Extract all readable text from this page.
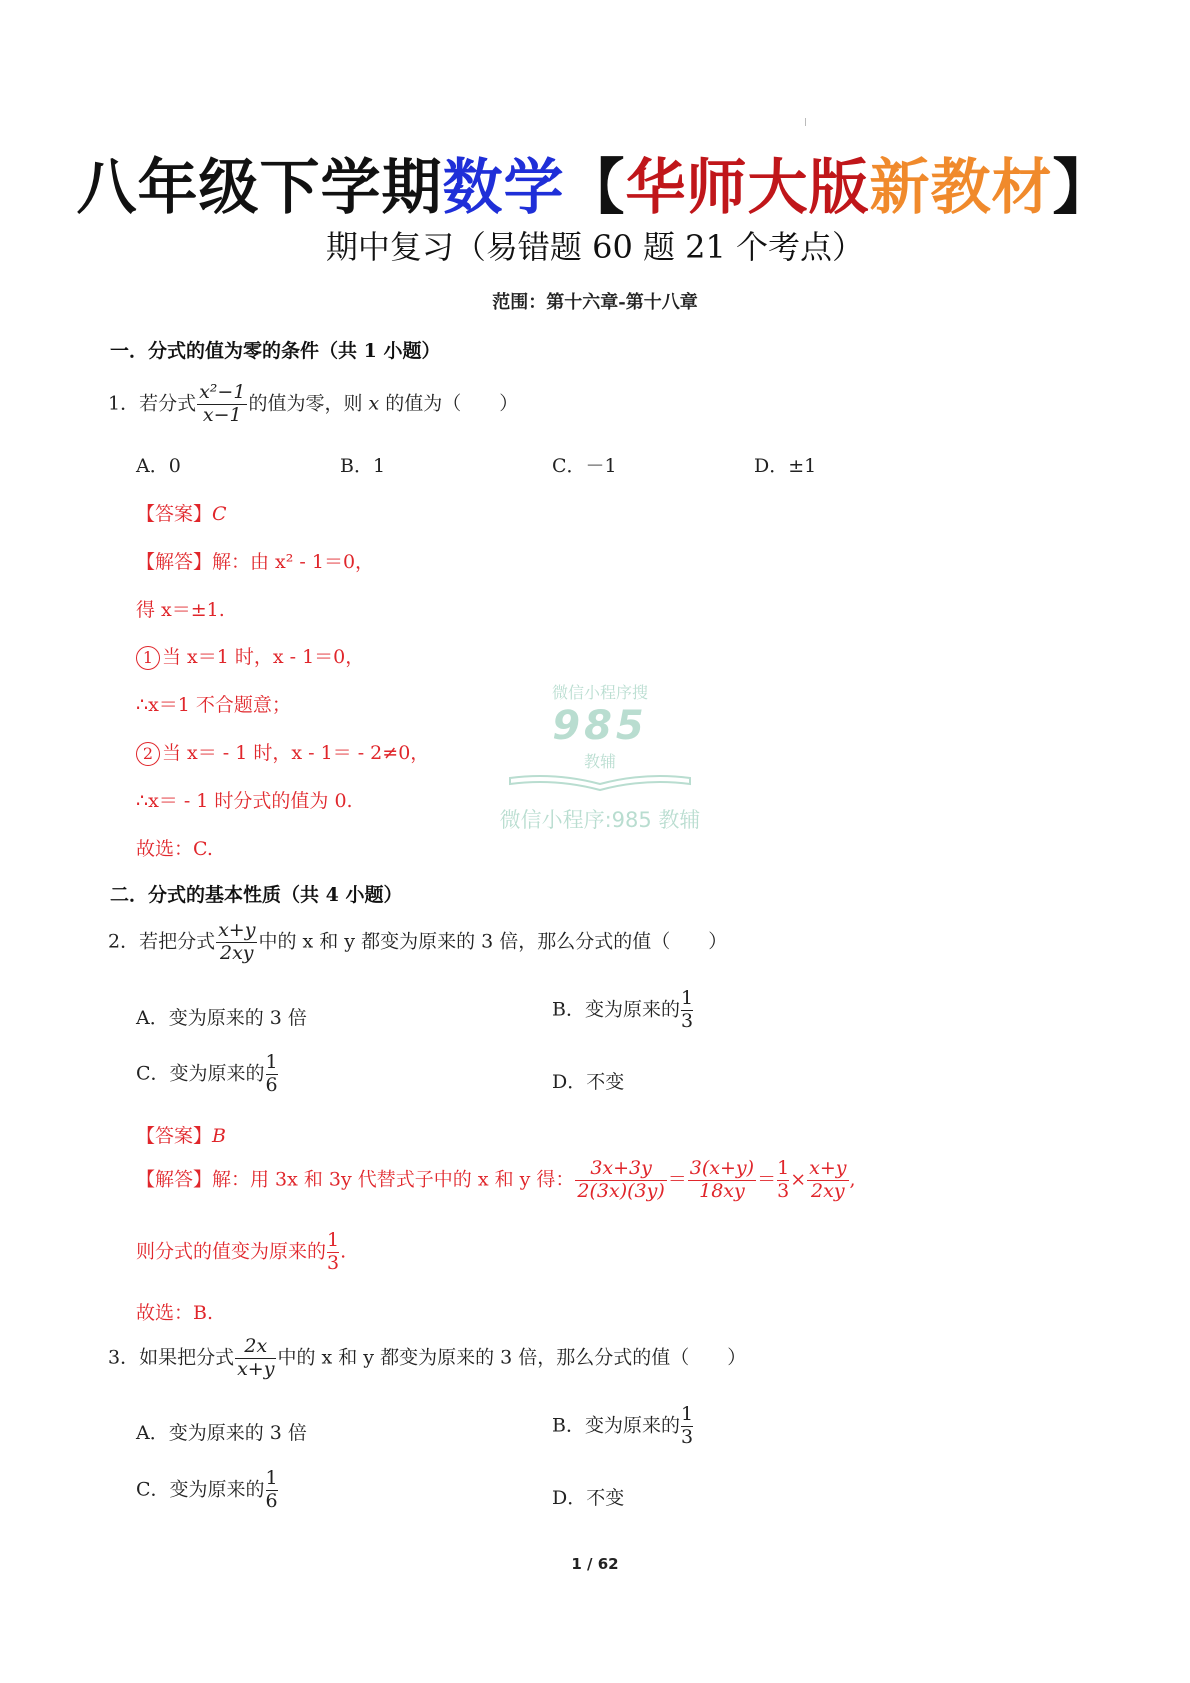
八年级下学期数学【华师大版新教材】
期中复习（易错题 60 题 21 个考点）
范围：第十六章-第十八章
一．分式的值为零的条件（共 1 小题）
1．若分式 $\frac{\text{x²−1}}{x-1}$ 的值为零，则 x 的值为（　　）
A．0	B．1	C．－1	D．±1
【答案】C
【解答】解：由 x² - 1＝0，
得 x＝±1.
1 当 x＝1 时，x - 1＝0，
∴x＝1 不合题意；
2 当 x＝ - 1 时，x - 1＝ - 2≠0，
∴x＝ - 1 时分式的值为 0.
故选：C.
微信小程序搜
985
教辅
微信小程序:985 教辅
二．分式的基本性质（共 4 小题）
2．若把分式 $\frac{x+y}{2xy}$ 中的 x 和 y 都变为原来的 3 倍，那么分式的值（　　）
A．变为原来的 3 倍	B．变为原来的 $\frac{1}{3}$
C．变为原来的 $\frac{1}{6}$	D．不变
【答案】B
【解答】解：用 3x 和 3y 代替式子中的 x 和 y 得： $\frac{3x+3y}{2(3x)(3y)} = \frac{3(x+y)}{18xy} = \frac{1}{3} \times \frac{x+y}{2xy}$ ,
则分式的值变为原来的 $\frac{1}{3}$ .
故选：B.
3．如果把分式 $\frac{2x}{x+y}$ 中的 x 和 y 都变为原来的 3 倍，那么分式的值（　　）
A．变为原来的 3 倍	B．变为原来的 $\frac{1}{3}$
C．变为原来的 $\frac{1}{6}$	D．不变
1 / 62
